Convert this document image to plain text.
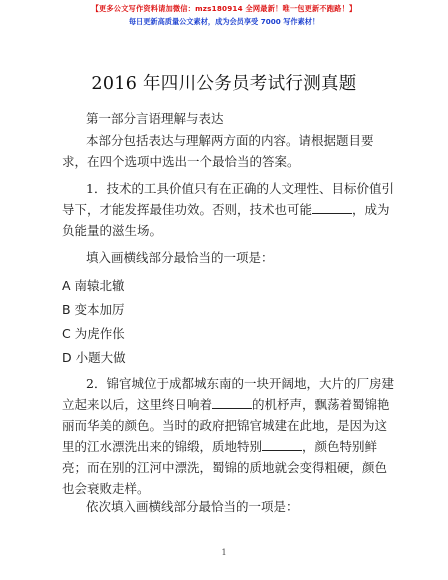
【更多公文写作资料请加微信：mzs180914 全网最新！唯一包更新不跑路！】
每日更新高质量公文素材，成为会员享受 7000 写作素材！
2016 年四川公务员考试行测真题
第一部分言语理解与表达
本部分包括表达与理解两方面的内容。请根据题目要求，在四个选项中选出一个最恰当的答案。
1．技术的工具价值只有在正确的人文理性、目标价值引导下，才能发挥最佳功效。否则，技术也可能	，成为负能量的滋生场。
填入画横线部分最恰当的一项是：
A 南辕北辙
B 变本加厉
C 为虎作伥
D 小题大做
2．锦官城位于成都城东南的一块开阔地，大片的厂房建立起来以后，这里终日响着	的机杼声，飘荡着蜀锦艳丽而华美的颜色。当时的政府把锦官城建在此地，是因为这里的江水漂洗出来的锦缎，质地特别	，颜色特别鲜亮；而在别的江河中漂洗，蜀锦的质地就会变得粗硬，颜色也会衰败走样。
依次填入画横线部分最恰当的一项是：
1
